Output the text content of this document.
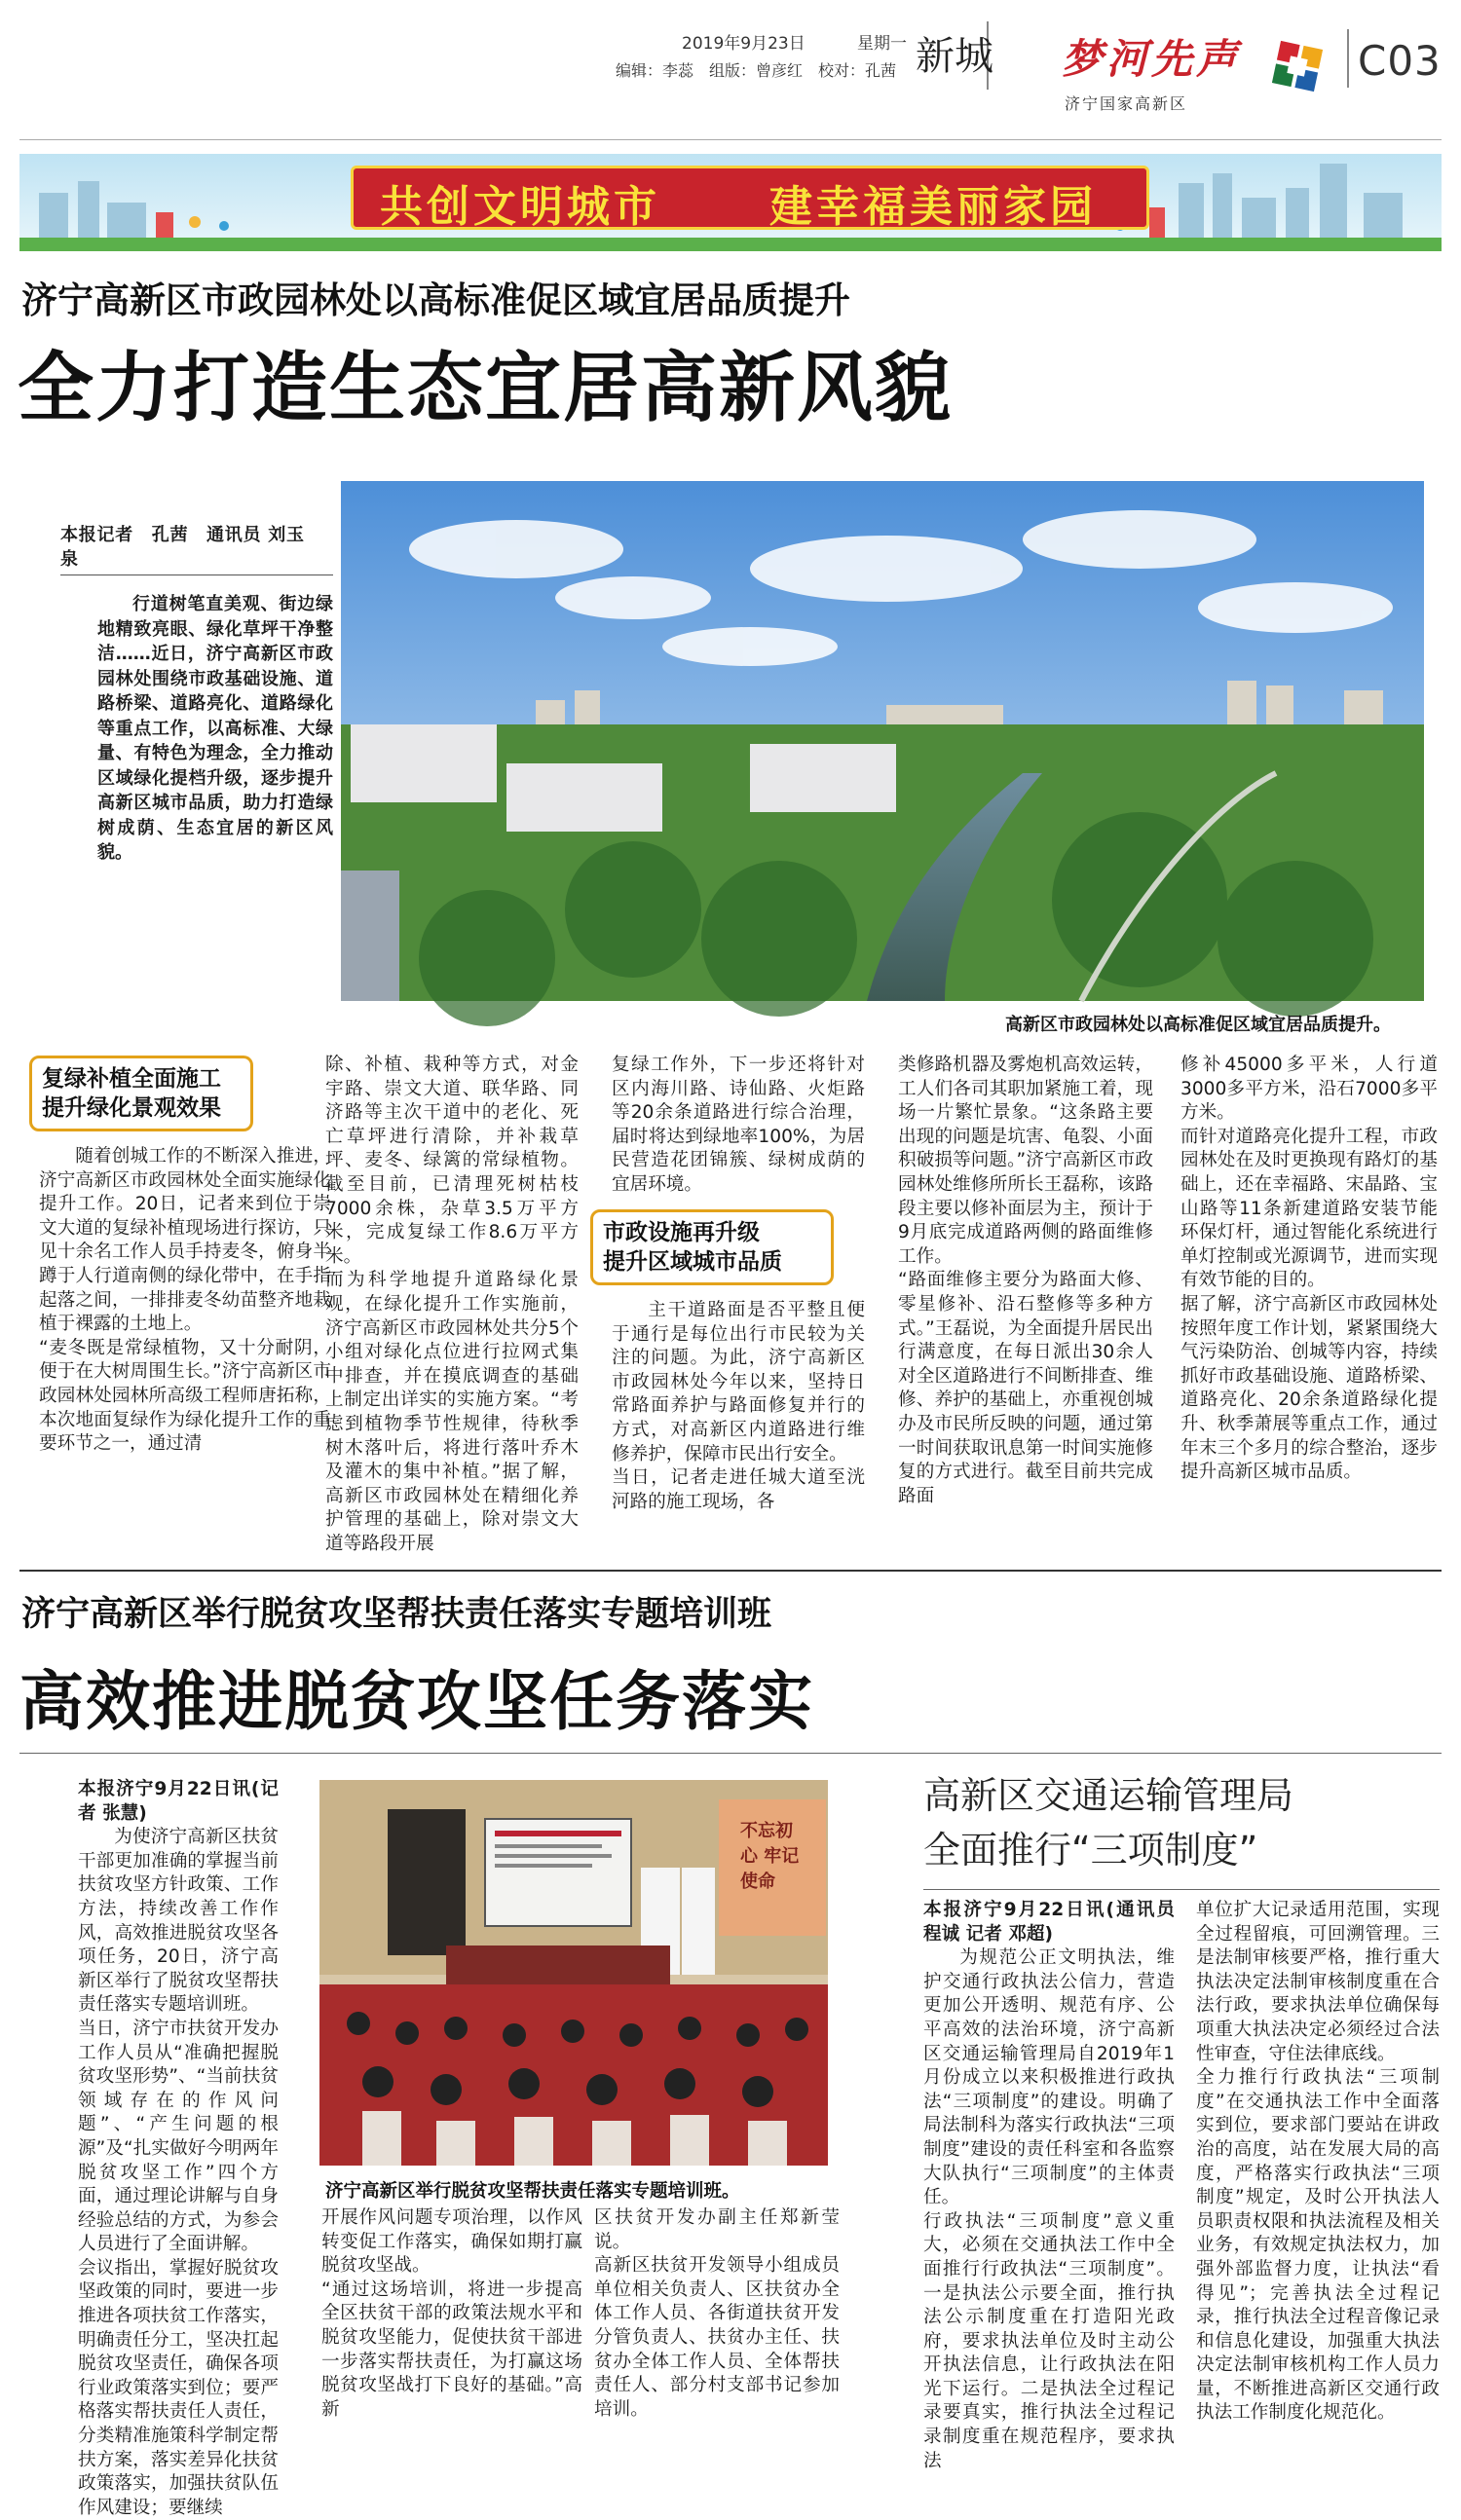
2019年9月23日	星期一
编辑：李蕊　组版：曾彦红　校对：孔茜 新城 梦河先声
济宁国家高新区
C03
共创文明城市	建幸福美丽家园
济宁高新区市政园林处以高标准促区域宜居品质提升
全力打造生态宜居高新风貌
本报记者　孔茜　通讯员 刘玉泉

行道树笔直美观、街边绿地精致亮眼、绿化草坪干净整洁……近日，济宁高新区市政园林处围绕市政基础设施、道路桥梁、道路亮化、道路绿化等重点工作，以高标准、大绿量、有特色为理念，全力推动区域绿化提档升级，逐步提升高新区城市品质，助力打造绿树成荫、生态宜居的新区风貌。

高新区市政园林处以高标准促区域宜居品质提升。
复绿补植全面施工
提升绿化景观效果
随着创城工作的不断深入推进，济宁高新区市政园林处全面实施绿化提升工作。20日，记者来到位于崇文大道的复绿补植现场进行探访，只见十余名工作人员手持麦冬，俯身半蹲于人行道南侧的绿化带中，在手指起落之间，一排排麦冬幼苗整齐地栽植于裸露的土地上。
“麦冬既是常绿植物，又十分耐阴，便于在大树周围生长。”济宁高新区市政园林处园林所高级工程师唐拓称，本次地面复绿作为绿化提升工作的重要环节之一，通过清
除、补植、栽种等方式，对金宇路、崇文大道、联华路、同济路等主次干道中的老化、死亡草坪进行清除，并补栽草坪、麦冬、绿篱的常绿植物。截至目前，已清理死树枯枝7000余株，杂草3.5万平方米，完成复绿工作8.6万平方米。
而为科学地提升道路绿化景观，在绿化提升工作实施前，济宁高新区市政园林处共分5个小组对绿化点位进行拉网式集中排查，并在摸底调查的基础上制定出详实的实施方案。“考虑到植物季节性规律，待秋季树木落叶后，将进行落叶乔木及灌木的集中补植。”据了解，高新区市政园林处在精细化养护管理的基础上，除对崇文大道等路段开展
复绿工作外，下一步还将针对区内海川路、诗仙路、火炬路等20余条道路进行综合治理，届时将达到绿地率100%，为居民营造花团锦簇、绿树成荫的宜居环境。
市政设施再升级
提升区域城市品质
主干道路面是否平整且便于通行是每位出行市民较为关注的问题。为此，济宁高新区市政园林处今年以来，坚持日常路面养护与路面修复并行的方式，对高新区内道路进行维修养护，保障市民出行安全。
当日，记者走进任城大道至洸河路的施工现场，各
类修路机器及雾炮机高效运转，工人们各司其职加紧施工着，现场一片繁忙景象。“这条路主要出现的问题是坑害、龟裂、小面积破损等问题。”济宁高新区市政园林处维修所所长王磊称，该路段主要以修补面层为主，预计于9月底完成道路两侧的路面维修工作。
“路面维修主要分为路面大修、零星修补、沿石整修等多种方式。”王磊说，为全面提升居民出行满意度，在每日派出30余人对全区道路进行不间断排查、维修、养护的基础上，亦重视创城办及市民所反映的问题，通过第一时间获取讯息第一时间实施修复的方式进行。截至目前共完成路面
修补45000多平米，人行道3000多平方米，沿石7000多平方米。
而针对道路亮化提升工程，市政园林处在及时更换现有路灯的基础上，还在幸福路、宋晶路、宝山路等11条新建道路安装节能环保灯杆，通过智能化系统进行单灯控制或光源调节，进而实现有效节能的目的。
据了解，济宁高新区市政园林处按照年度工作计划，紧紧围绕大气污染防治、创城等内容，持续抓好市政基础设施、道路桥梁、道路亮化、20余条道路绿化提升、秋季萧展等重点工作，通过年末三个多月的综合整治，逐步提升高新区城市品质。
济宁高新区举行脱贫攻坚帮扶责任落实专题培训班
高效推进脱贫攻坚任务落实
本报济宁9月22日讯(记者 张慧)
为使济宁高新区扶贫干部更加准确的掌握当前扶贫攻坚方针政策、工作方法，持续改善工作作风，高效推进脱贫攻坚各项任务，20日，济宁高新区举行了脱贫攻坚帮扶责任落实专题培训班。
当日，济宁市扶贫开发办工作人员从“准确把握脱贫攻坚形势”、“当前扶贫领域存在的作风问题”、“产生问题的根源”及“扎实做好今明两年脱贫攻坚工作”四个方面，通过理论讲解与自身经验总结的方式，为参会人员进行了全面讲解。
会议指出，掌握好脱贫攻坚政策的同时，要进一步推进各项扶贫工作落实，明确责任分工，坚决扛起脱贫攻坚责任，确保各项行业政策落实到位；要严格落实帮扶责任人责任，分类精准施策科学制定帮扶方案，落实差异化扶贫政策落实，加强扶贫队伍作风建设；要继续
不忘初心 牢记使命
济宁高新区举行脱贫攻坚帮扶责任落实专题培训班。
开展作风问题专项治理，以作风转变促工作落实，确保如期打赢脱贫攻坚战。
“通过这场培训，将进一步提高全区扶贫干部的政策法规水平和脱贫攻坚能力，促使扶贫干部进一步落实帮扶责任，为打赢这场脱贫攻坚战打下良好的基础。”高新
区扶贫开发办副主任郑新莹说。
高新区扶贫开发领导小组成员单位相关负责人、区扶贫办全体工作人员、各街道扶贫开发分管负责人、扶贫办主任、扶贫办全体工作人员、全体帮扶责任人、部分村支部书记参加培训。
高新区交通运输管理局
全面推行“三项制度”
本报济宁9月22日讯(通讯员 程诚 记者 邓超)
为规范公正文明执法，维护交通行政执法公信力，营造更加公开透明、规范有序、公平高效的法治环境，济宁高新区交通运输管理局自2019年1月份成立以来积极推进行政执法“三项制度”的建设。明确了局法制科为落实行政执法“三项制度”建设的责任科室和各监察大队执行“三项制度”的主体责任。
行政执法“三项制度”意义重大，必须在交通执法工作中全面推行行政执法“三项制度”。一是执法公示要全面，推行执法公示制度重在打造阳光政府，要求执法单位及时主动公开执法信息，让行政执法在阳光下运行。二是执法全过程记录要真实，推行执法全过程记录制度重在规范程序，要求执法
单位扩大记录适用范围，实现全过程留痕，可回溯管理。三是法制审核要严格，推行重大执法决定法制审核制度重在合法行政，要求执法单位确保每项重大执法决定必须经过合法性审查，守住法律底线。
全力推行行政执法“三项制度”在交通执法工作中全面落实到位，要求部门要站在讲政治的高度，站在发展大局的高度，严格落实行政执法“三项制度”规定，及时公开执法人员职责权限和执法流程及相关业务，有效规定执法权力，加强外部监督力度，让执法“看得见”；完善执法全过程记录，推行执法全过程音像记录和信息化建设，加强重大执法决定法制审核机构工作人员力量，不断推进高新区交通行政执法工作制度化规范化。
